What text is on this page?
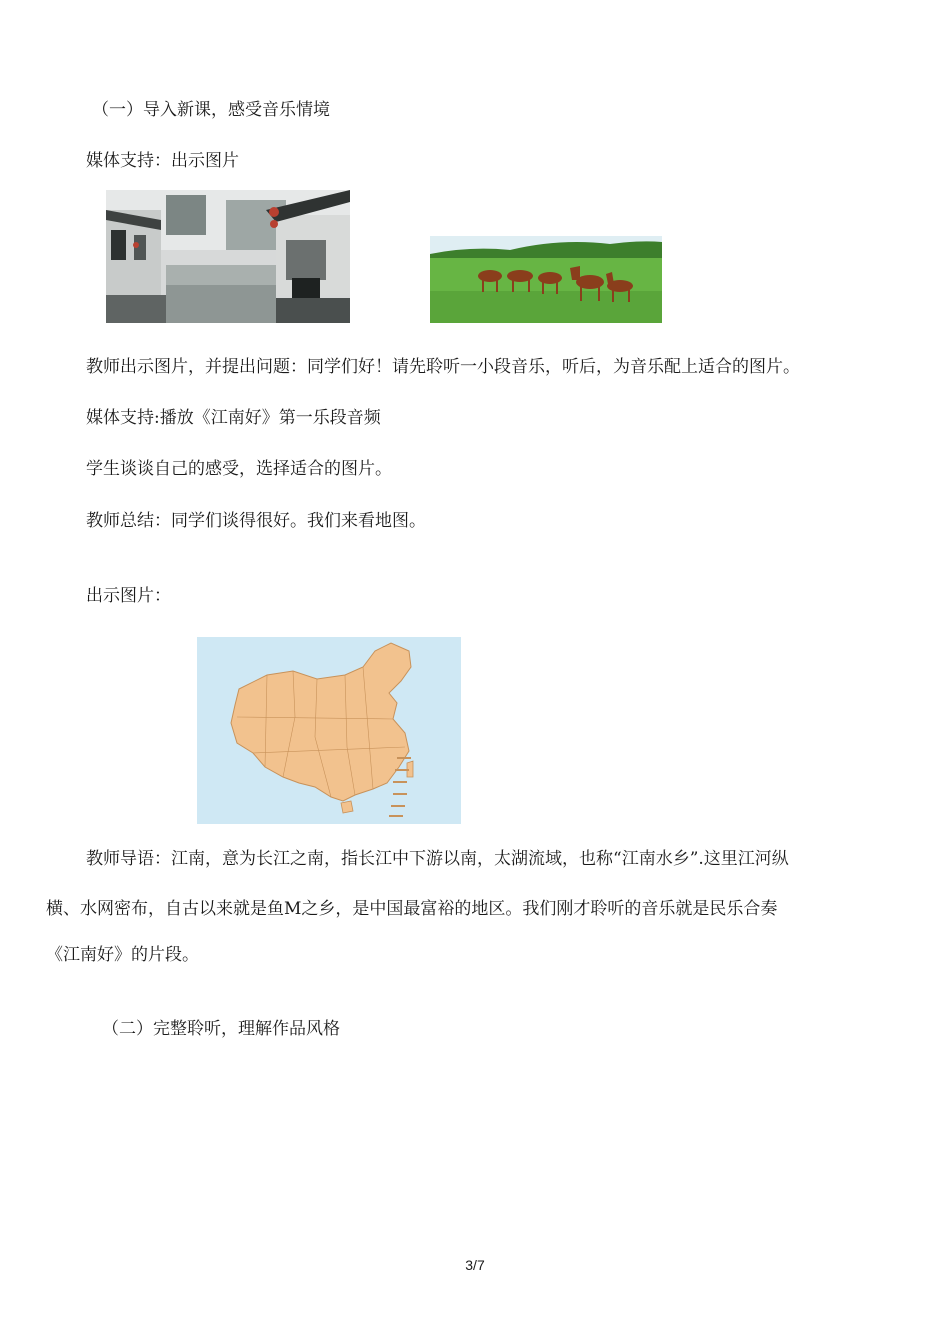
（一）导入新课，感受音乐情境
媒体支持：出示图片
教师出示图片，并提出问题：同学们好！请先聆听一小段音乐，听后，为音乐配上适合的图片。
媒体支持:播放《江南好》第一乐段音频
学生谈谈自己的感受，选择适合的图片。
教师总结：同学们谈得很好。我们来看地图。
出示图片：
教师导语：江南，意为长江之南，指长江中下游以南，太湖流域，也称“江南水乡”.这里江河纵
横、水网密布，自古以来就是鱼M之乡，是中国最富裕的地区。我们刚才聆听的音乐就是民乐合奏
《江南好》的片段。
（二）完整聆听，理解作品风格
3/7
